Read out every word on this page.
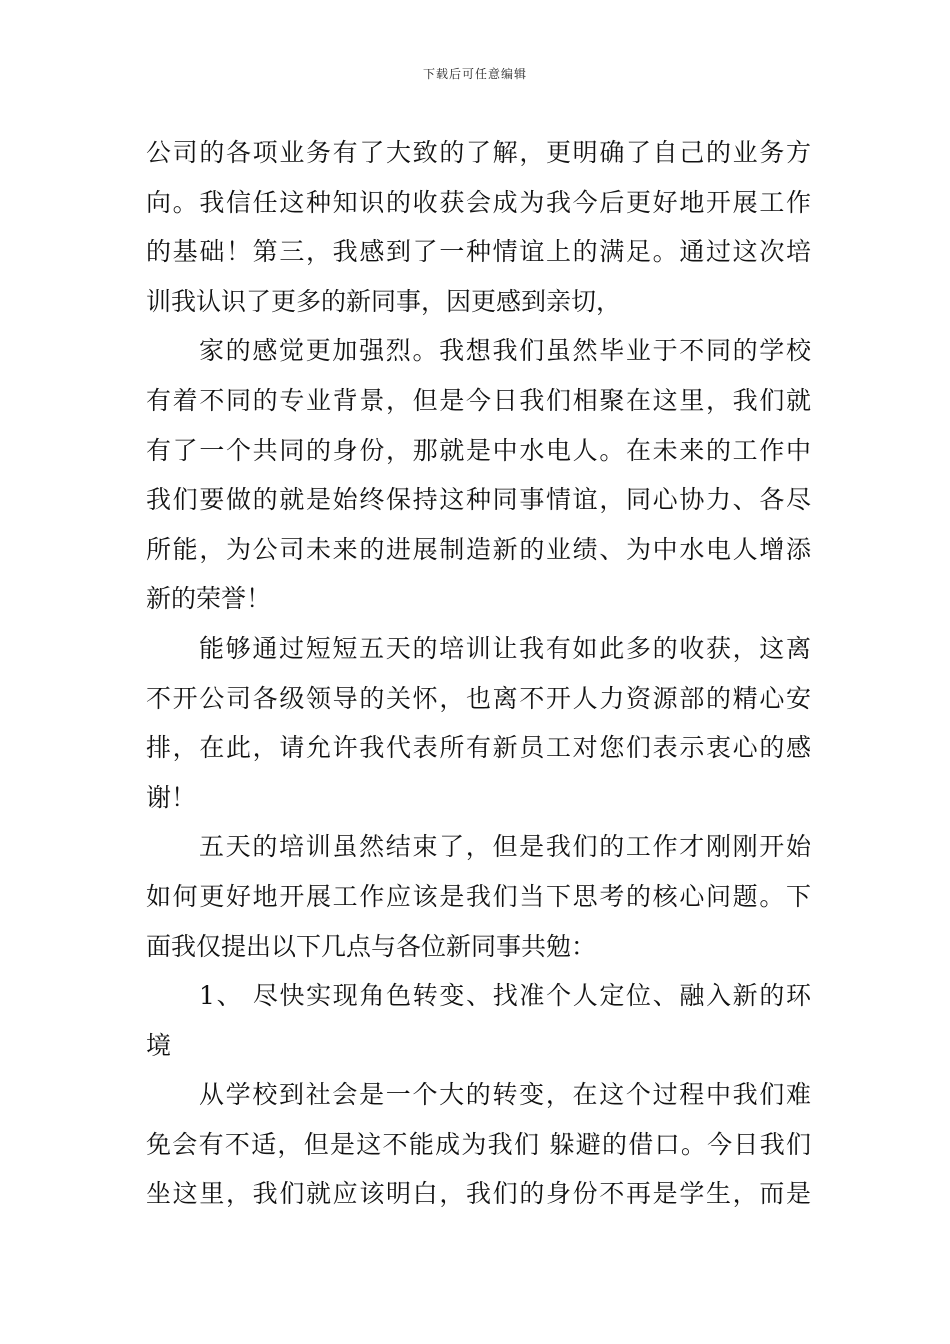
下载后可任意编辑
公司的各项业务有了大致的了解，更明确了自己的业务方
向。我信任这种知识的收获会成为我今后更好地开展工作
的基础！第三，我感到了一种情谊上的满足。通过这次培
训我认识了更多的新同事，因更感到亲切，
家的感觉更加强烈。我想我们虽然毕业于不同的学校
有着不同的专业背景，但是今日我们相聚在这里，我们就
有了一个共同的身份，那就是中水电人。在未来的工作中
我们要做的就是始终保持这种同事情谊，同心协力、各尽
所能，为公司未来的进展制造新的业绩、为中水电人增添
新的荣誉！
能够通过短短五天的培训让我有如此多的收获，这离
不开公司各级领导的关怀，也离不开人力资源部的精心安
排，在此，请允许我代表所有新员工对您们表示衷心的感
谢！
五天的培训虽然结束了，但是我们的工作才刚刚开始
如何更好地开展工作应该是我们当下思考的核心问题。下
面我仅提出以下几点与各位新同事共勉：
1、 尽快实现角色转变、找准个人定位、融入新的环
境
从学校到社会是一个大的转变，在这个过程中我们难
免会有不适，但是这不能成为我们 躲避的借口。今日我们
坐这里，我们就应该明白，我们的身份不再是学生，而是
